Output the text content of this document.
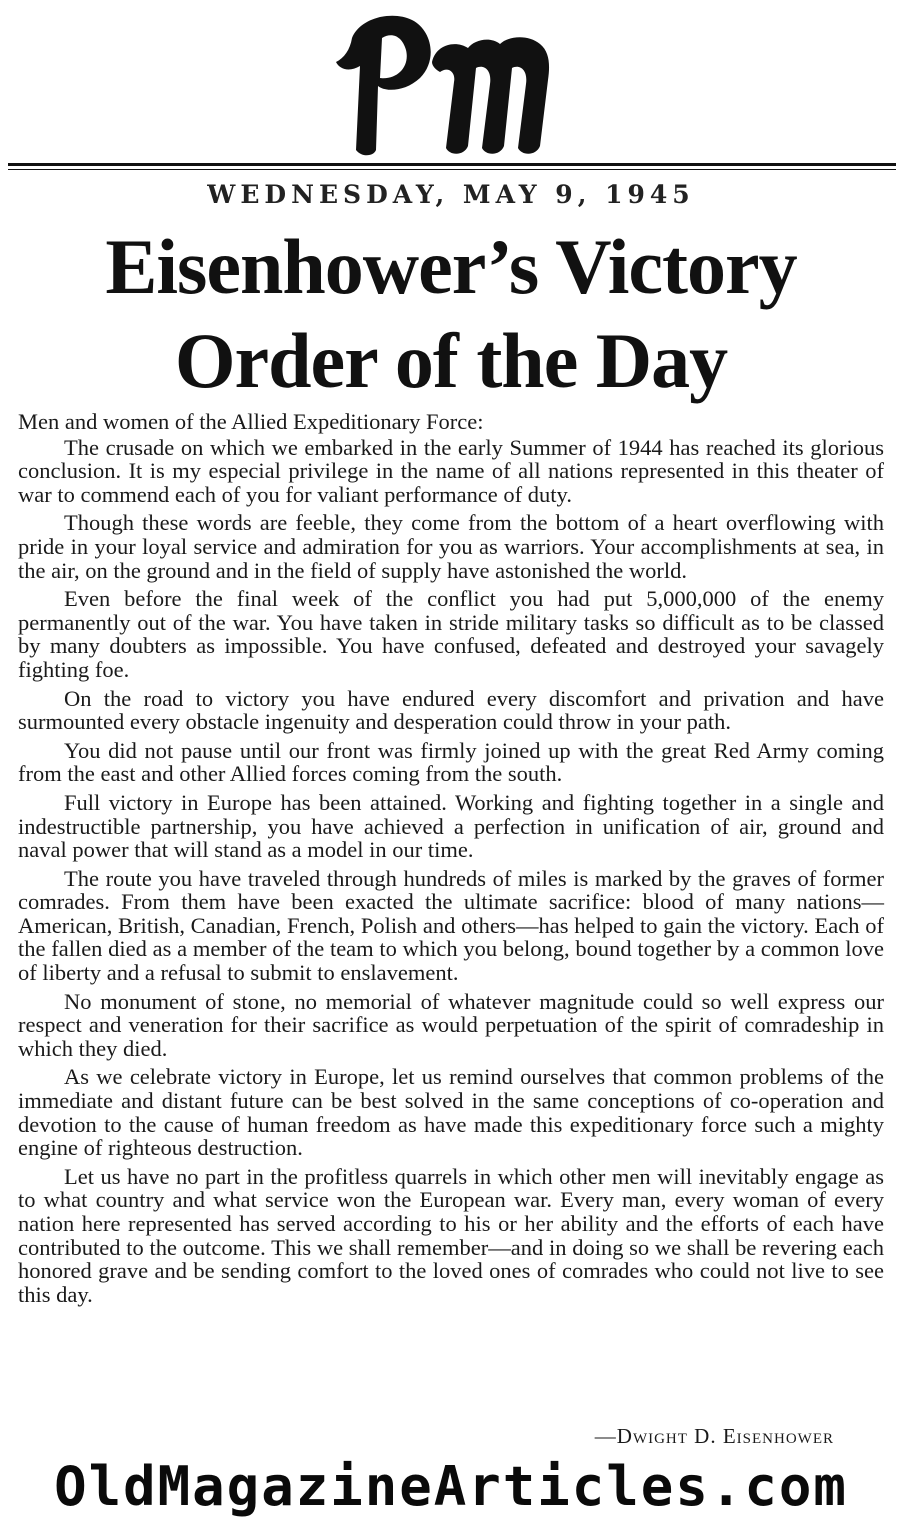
WEDNESDAY, MAY 9, 1945
Eisenhower’s Victory
Order of the Day

Men and women of the Allied Expeditionary Force:

The crusade on which we embarked in the early Summer of 1944 has reached its glorious conclusion. It is my especial privilege in the name of all nations represented in this theater of war to commend each of you for valiant performance of duty.

Though these words are feeble, they come from the bottom of a heart overflowing with pride in your loyal service and admiration for you as warriors. Your accomplishments at sea, in the air, on the ground and in the field of supply have astonished the world.

Even before the final week of the conflict you had put 5,000,000 of the enemy permanently out of the war. You have taken in stride military tasks so difficult as to be classed by many doubters as impossible. You have confused, defeated and destroyed your savagely fighting foe.

On the road to victory you have endured every discomfort and privation and have surmounted every obstacle ingenuity and desperation could throw in your path.

You did not pause until our front was firmly joined up with the great Red Army coming from the east and other Allied forces coming from the south.

Full victory in Europe has been attained. Working and fighting together in a single and indestructible partnership, you have achieved a perfection in unification of air, ground and naval power that will stand as a model in our time.

The route you have traveled through hundreds of miles is marked by the graves of former comrades. From them have been exacted the ultimate sacrifice: blood of many nations—American, British, Canadian, French, Polish and others—has helped to gain the victory. Each of the fallen died as a member of the team to which you belong, bound together by a common love of liberty and a refusal to submit to enslavement.

No monument of stone, no memorial of whatever magnitude could so well express our respect and veneration for their sacrifice as would perpetuation of the spirit of comradeship in which they died.

As we celebrate victory in Europe, let us remind ourselves that common problems of the immediate and distant future can be best solved in the same conceptions of co-operation and devotion to the cause of human freedom as have made this expeditionary force such a mighty engine of righteous destruction.

Let us have no part in the profitless quarrels in which other men will inevitably engage as to what country and what service won the European war. Every man, every woman of every nation here represented has served according to his or her ability and the efforts of each have contributed to the outcome. This we shall remember—and in doing so we shall be revering each honored grave and be sending comfort to the loved ones of comrades who could not live to see this day.

—Dwight D. Eisenhower
OldMagazineArticles.com
